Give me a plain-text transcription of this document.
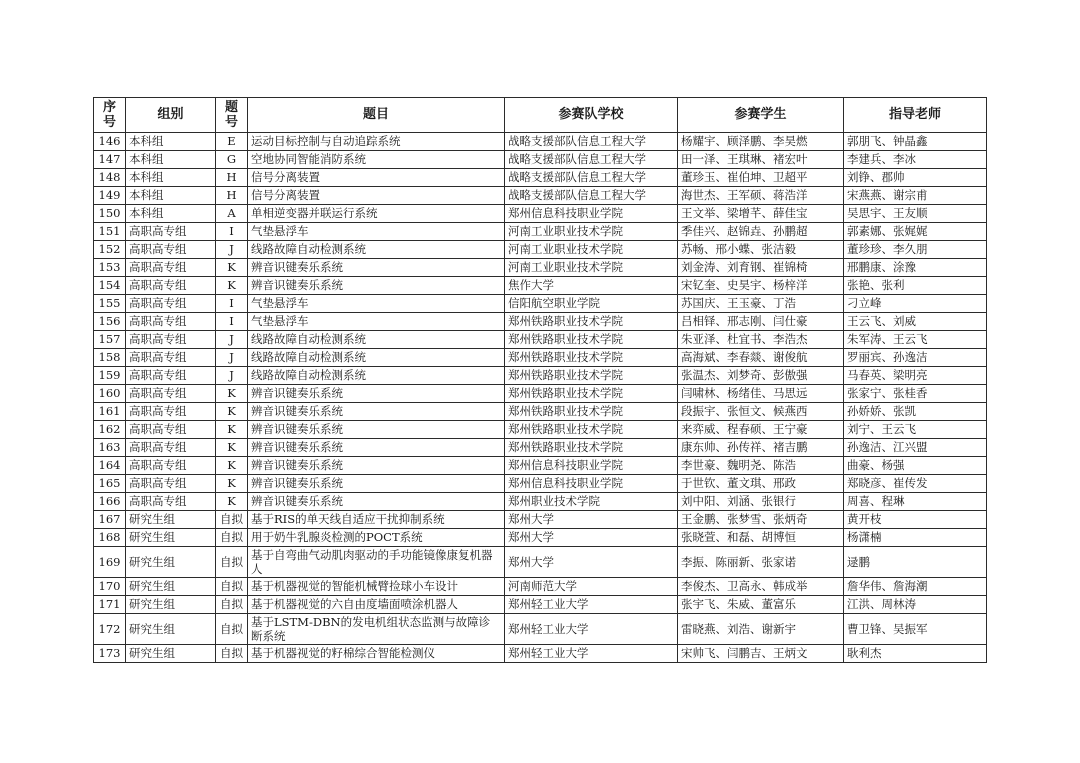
序号	组别	题号	题目	参赛队学校	参赛学生	指导老师
146	本科组	E	运动目标控制与自动追踪系统	战略支援部队信息工程大学	杨耀宇、顾泽鹏、李昊燃	郭朋飞、钟晶鑫
147	本科组	G	空地协同智能消防系统	战略支援部队信息工程大学	田一泽、王琪琳、褚宏叶	李建兵、李冰
148	本科组	H	信号分离装置	战略支援部队信息工程大学	董珍玉、崔伯坤、卫超平	刘铮、郡帅
149	本科组	H	信号分离装置	战略支援部队信息工程大学	海世杰、王军硕、蒋浩洋	宋燕燕、谢宗甫
150	本科组	A	单相逆变器并联运行系统	郑州信息科技职业学院	王文举、梁增芊、薛佳宝	吴思宇、王友顺
151	高职高专组	I	气垫悬浮车	河南工业职业技术学院	季佳兴、赵锦垚、孙鹏超	郭素娜、张娓娓
152	高职高专组	J	线路故障自动检测系统	河南工业职业技术学院	苏畅、邢小蝶、张洁毅	董珍珍、李久朋
153	高职高专组	K	辨音识键奏乐系统	河南工业职业技术学院	刘金涛、刘育钢、崔锦椅	邢鹏康、涂豫
154	高职高专组	K	辨音识键奏乐系统	焦作大学	宋钇奎、史昊宇、杨梓洋	张艳、张利
155	高职高专组	I	气垫悬浮车	信阳航空职业学院	苏国庆、王玉豪、丁浩	刁立峰
156	高职高专组	I	气垫悬浮车	郑州铁路职业技术学院	吕相铎、邢志刚、闫仕豪	王云飞、刘威
157	高职高专组	J	线路故障自动检测系统	郑州铁路职业技术学院	朱亚泽、杜宜书、李浩杰	朱军涛、王云飞
158	高职高专组	J	线路故障自动检测系统	郑州铁路职业技术学院	高海斌、李春燚、谢俊航	罗丽宾、孙逸洁
159	高职高专组	J	线路故障自动检测系统	郑州铁路职业技术学院	张温杰、刘梦奇、彭傲强	马春英、梁明亮
160	高职高专组	K	辨音识键奏乐系统	郑州铁路职业技术学院	闫啸林、杨绪佳、马思远	张家宁、张桂香
161	高职高专组	K	辨音识键奏乐系统	郑州铁路职业技术学院	段振宇、张恒文、候燕西	孙娇娇、张凯
162	高职高专组	K	辨音识键奏乐系统	郑州铁路职业技术学院	来弈威、程春硕、王宁豪	刘宁、王云飞
163	高职高专组	K	辨音识键奏乐系统	郑州铁路职业技术学院	康东帅、孙传祥、褚吉鹏	孙逸洁、江兴盟
164	高职高专组	K	辨音识键奏乐系统	郑州信息科技职业学院	李世豪、魏明尧、陈浩	曲豪、杨强
165	高职高专组	K	辨音识键奏乐系统	郑州信息科技职业学院	于世钦、董文琪、邢政	郑晓彦、崔传发
166	高职高专组	K	辨音识键奏乐系统	郑州职业技术学院	刘中阳、刘涵、张银行	周喜、程琳
167	研究生组	自拟	基于RIS的单天线自适应干扰抑制系统	郑州大学	王金鹏、张梦雪、张炳奇	黄开枝
168	研究生组	自拟	用于奶牛乳腺炎检测的POCT系统	郑州大学	张晓萱、和磊、胡博恒	杨潇楠
169	研究生组	自拟	基于自弯曲气动肌肉驱动的手功能镜像康复机器人	郑州大学	李振、陈丽新、张家诺	逯鹏
170	研究生组	自拟	基于机器视觉的智能机械臂捡球小车设计	河南师范大学	李俊杰、卫高永、韩成举	詹华伟、詹海潮
171	研究生组	自拟	基于机器视觉的六自由度墙面喷涂机器人	郑州轻工业大学	张宇飞、朱威、董富乐	江洪、周林涛
172	研究生组	自拟	基于LSTM-DBN的发电机组状态监测与故障诊断系统	郑州轻工业大学	雷晓燕、刘浩、谢新宇	曹卫锋、吴振军
173	研究生组	自拟	基于机器视觉的籽棉综合智能检测仪	郑州轻工业大学	宋帅飞、闫鹏吉、王炳文	耿利杰
